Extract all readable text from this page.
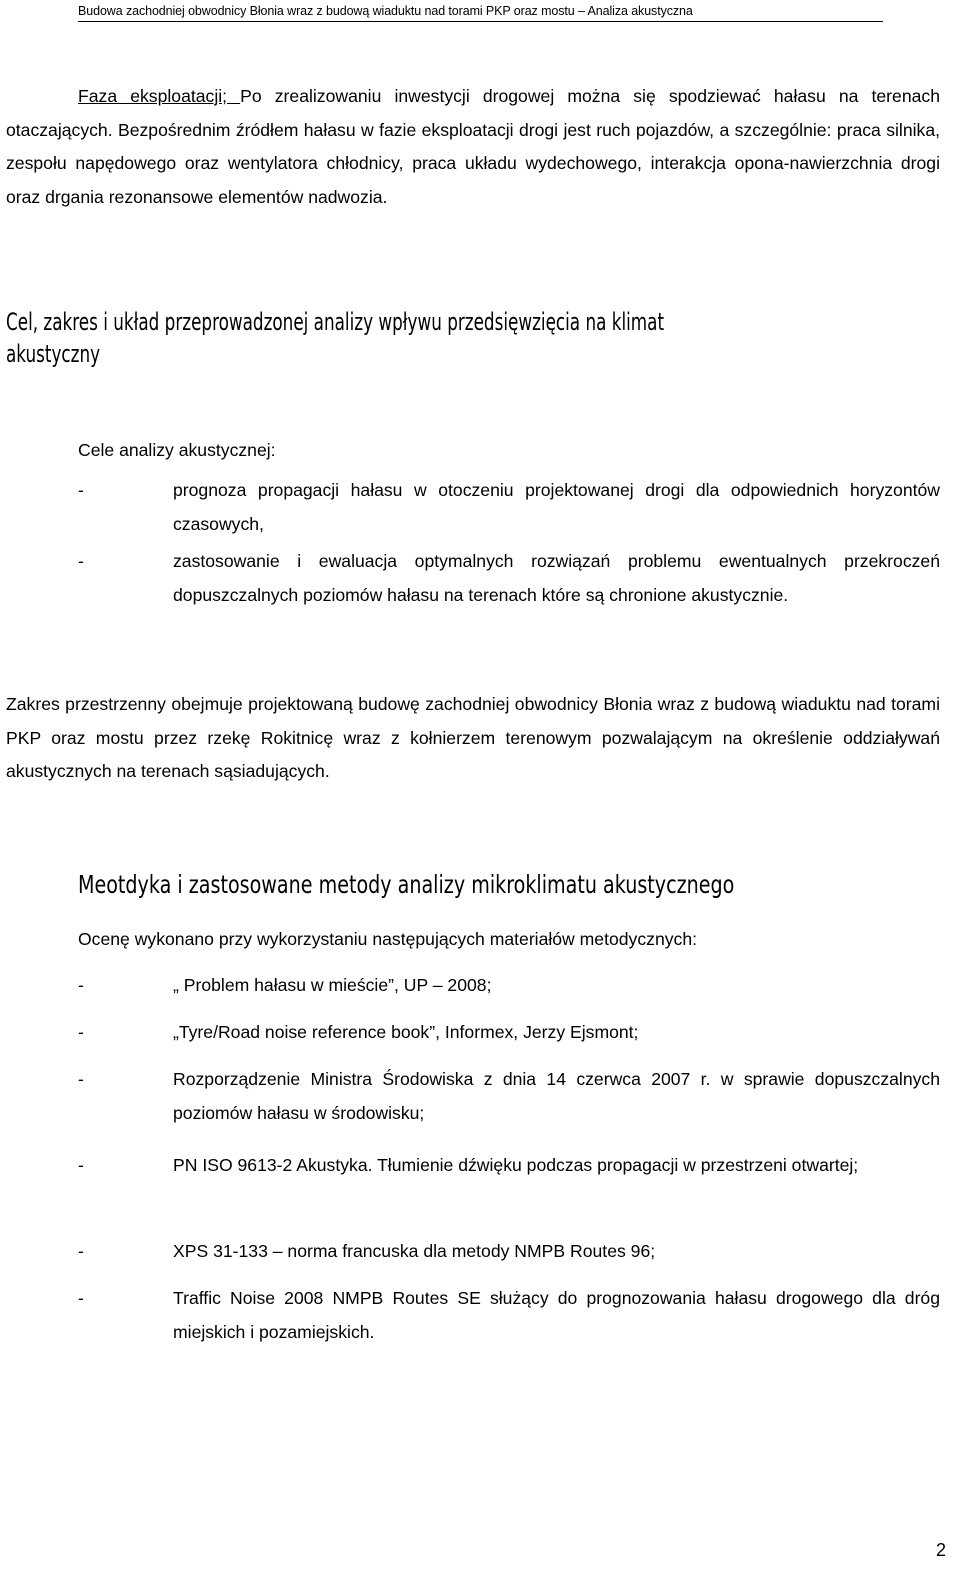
Budowa zachodniej obwodnicy Błonia wraz z budową wiaduktu nad torami PKP oraz mostu – Analiza akustyczna
Faza eksploatacji; Po zrealizowaniu inwestycji drogowej można się spodziewać hałasu na terenach otaczających. Bezpośrednim źródłem hałasu w fazie eksploatacji drogi jest ruch pojazdów, a szczególnie: praca silnika, zespołu napędowego oraz wentylatora chłodnicy, praca układu wydechowego, interakcja opona-nawierzchnia drogi oraz drgania rezonansowe elementów nadwozia.
Cel, zakres i układ przeprowadzonej analizy wpływu przedsięwzięcia na klimat
akustyczny
Cele analizy akustycznej:
-	prognoza propagacji hałasu w otoczeniu projektowanej drogi dla odpowiednich horyzontów czasowych,
-	zastosowanie i ewaluacja optymalnych rozwiązań problemu ewentualnych przekroczeń dopuszczalnych poziomów hałasu na terenach które są chronione akustycznie.
Zakres przestrzenny obejmuje projektowaną budowę zachodniej obwodnicy Błonia wraz z budową wiaduktu nad torami PKP oraz mostu przez rzekę Rokitnicę wraz z kołnierzem terenowym pozwalającym na określenie oddziaływań akustycznych na terenach sąsiadujących.
Meotdyka i zastosowane metody analizy mikroklimatu akustycznego
Ocenę wykonano przy wykorzystaniu następujących materiałów metodycznych:
-	„ Problem hałasu w mieście”, UP – 2008;
-	„Tyre/Road noise reference book”, Informex, Jerzy Ejsmont;
-	Rozporządzenie Ministra Środowiska z dnia 14 czerwca 2007 r. w sprawie dopuszczalnych poziomów hałasu w środowisku;
-	PN ISO 9613-2 Akustyka. Tłumienie dźwięku podczas propagacji w przestrzeni otwartej;
-	XPS 31-133 – norma francuska dla metody NMPB Routes 96;
-	Traffic Noise 2008 NMPB Routes SE służący do prognozowania hałasu drogowego dla dróg miejskich i pozamiejskich.
2
